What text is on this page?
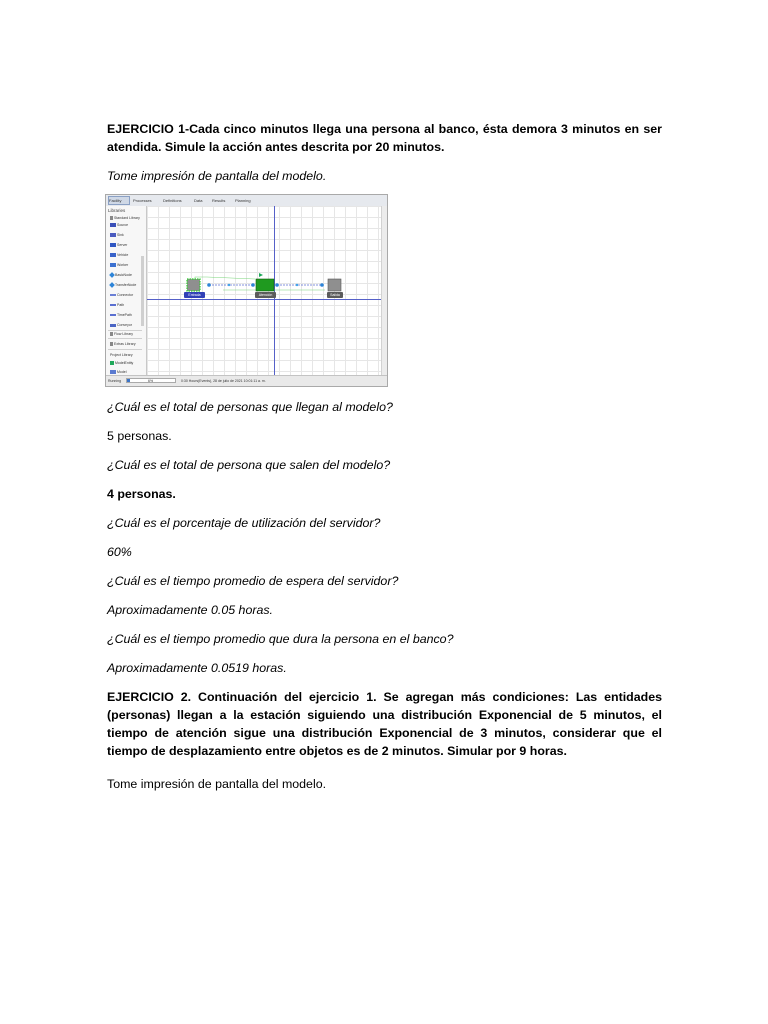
EJERCICIO 1-Cada cinco minutos llega una persona al banco, ésta demora 3 minutos en ser atendida. Simule la acción antes descrita por 20 minutos.

Tome impresión de pantalla del modelo.

Facility	Processes	Definitions	Data Results Planning
Libraries
Standard Library
Source
Sink
Server
Vehicle
Worker
BasicNode
TransferNode
Connector
Path
TimePath
Conveyor
Flow Library
Extras Library
Project Library
ModelEntity
Model
Entrada	Atención	Salida
Running	6%	0:30 Hours(Events), 28 de julio de 2021 10:01:11 a. m.

¿Cuál es el total de personas que llegan al modelo?

5 personas.

¿Cuál es el total de persona que salen del modelo?

4 personas.

¿Cuál es el porcentaje de utilización del servidor?

60%

¿Cuál es el tiempo promedio de espera del servidor?

Aproximadamente 0.05 horas.

¿Cuál es el tiempo promedio que dura la persona en el banco?

Aproximadamente 0.0519 horas.

EJERCICIO 2. Continuación del ejercicio 1. Se agregan más condiciones: Las entidades (personas) llegan a la estación siguiendo una distribución Exponencial de 5 minutos, el tiempo de atención sigue una distribución Exponencial de 3 minutos, considerar que el tiempo de desplazamiento entre objetos es de 2 minutos. Simular por 9 horas.

Tome impresión de pantalla del modelo.
